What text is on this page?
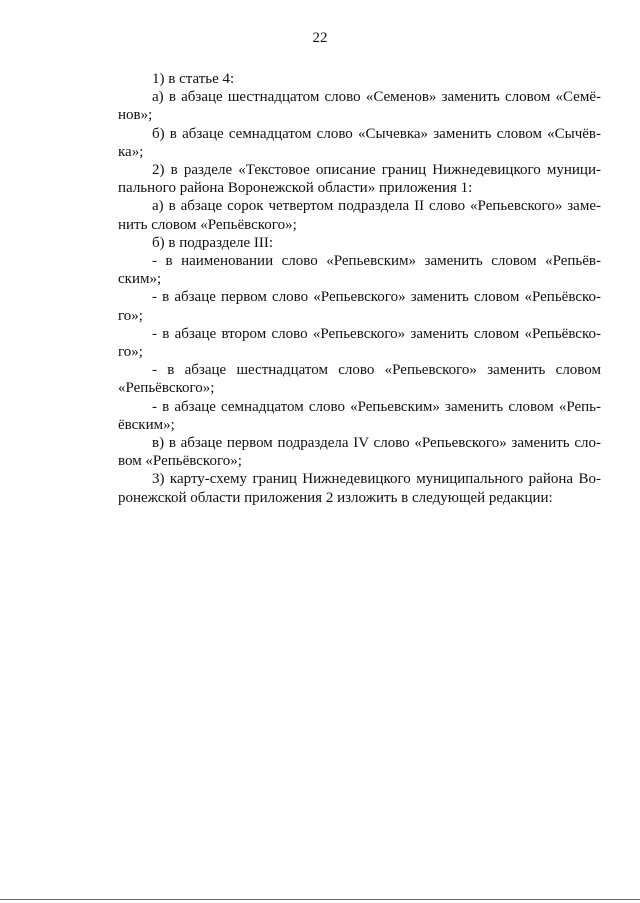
22

1) в статье 4:

а) в абзаце шестнадцатом слово «Семенов» заменить словом «Семёнов»;

б) в абзаце семнадцатом слово «Сычевка» заменить словом «Сычёвка»;

2) в разделе «Текстовое описание границ Нижнедевицкого муниципального района Воронежской области» приложения 1:

а) в абзаце сорок четвертом подраздела II слово «Репьевского» заменить словом «Репьёвского»;

б) в подразделе III:

- в наименовании слово «Репьевским» заменить словом «Репьёвским»;

- в абзаце первом слово «Репьевского» заменить словом «Репьёвского»;

- в абзаце втором слово «Репьевского» заменить словом «Репьёвского»;

- в абзаце шестнадцатом слово «Репьевского» заменить словом «Репьёвского»;

- в абзаце семнадцатом слово «Репьевским» заменить словом «Репьёвским»;

в) в абзаце первом подраздела IV слово «Репьевского» заменить словом «Репьёвского»;

3) карту-схему границ Нижнедевицкого муниципального района Воронежской области приложения 2 изложить в следующей редакции:
